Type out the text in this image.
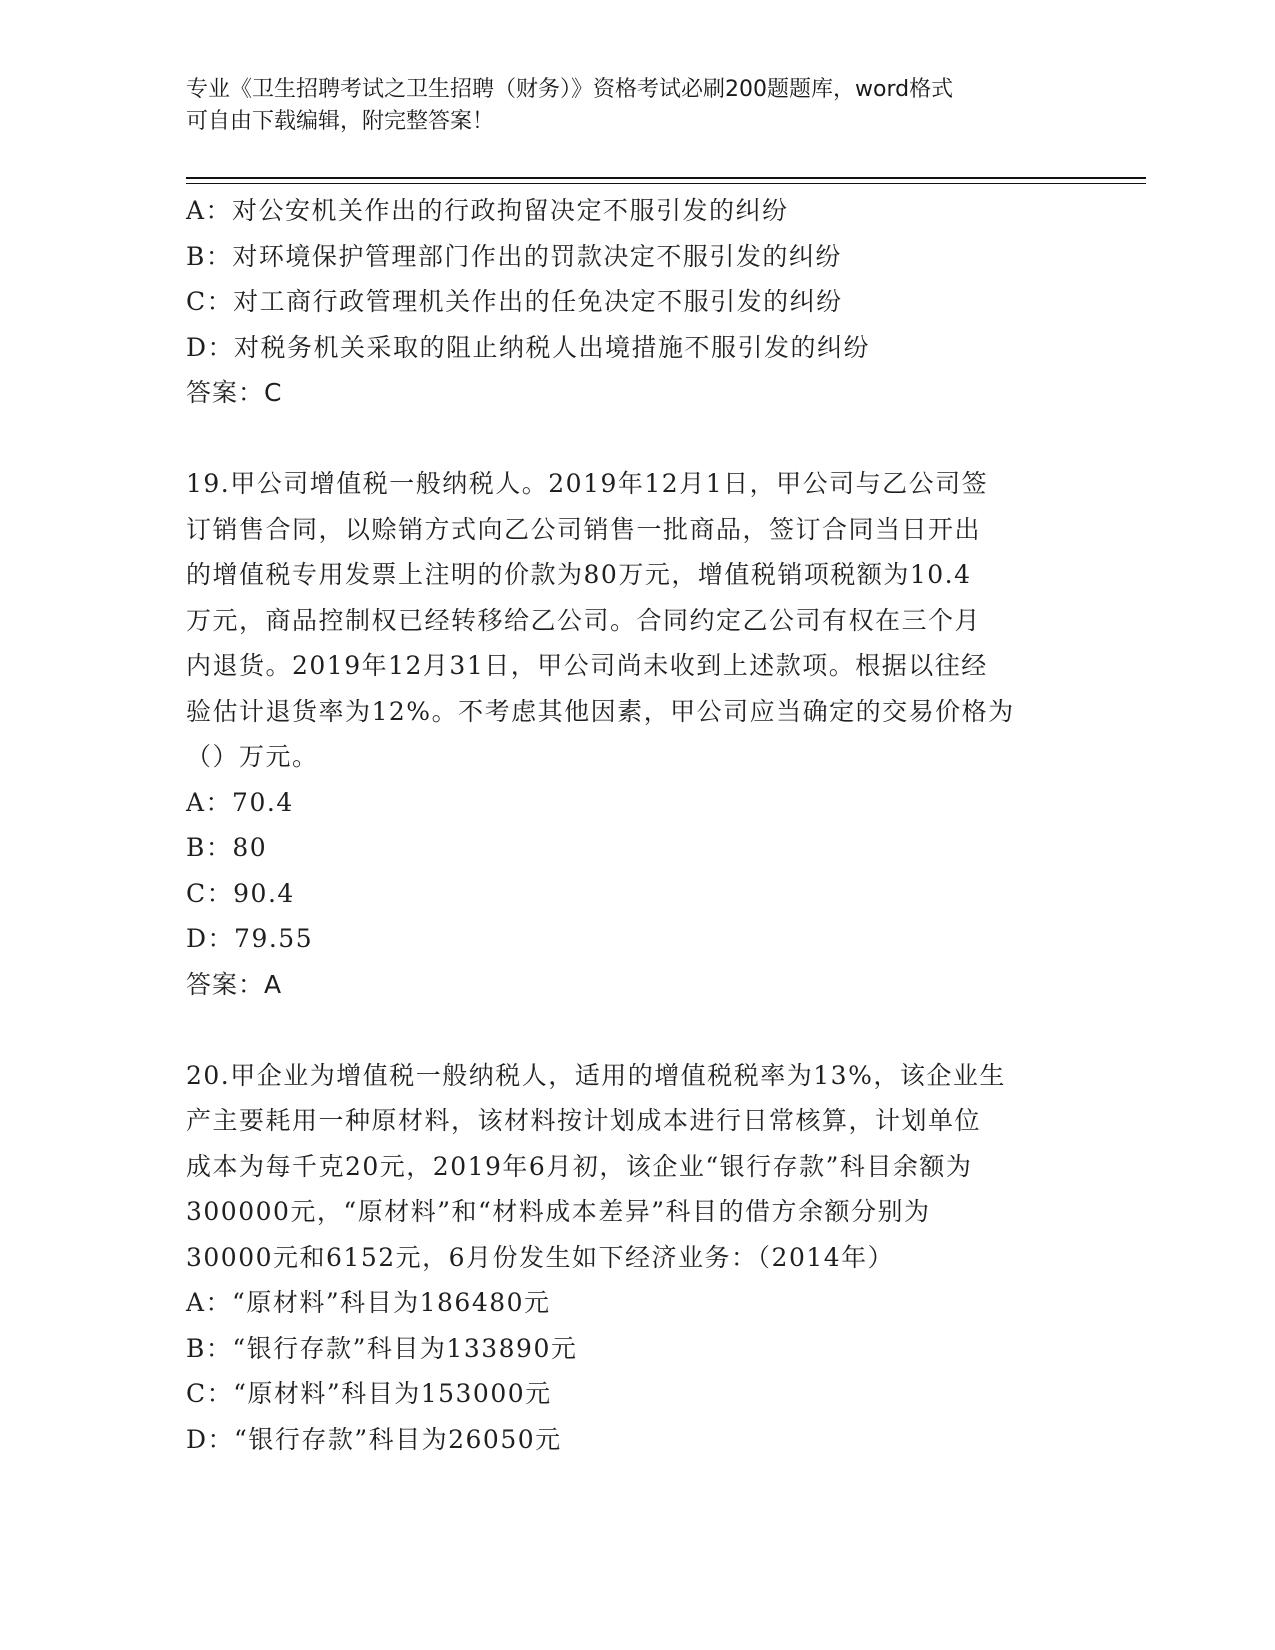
专业《卫生招聘考试之卫生招聘（财务）》资格考试必刷200题题库，word格式
可自由下载编辑，附完整答案！
A：对公安机关作出的行政拘留决定不服引发的纠纷
B：对环境保护管理部门作出的罚款决定不服引发的纠纷
C：对工商行政管理机关作出的任免决定不服引发的纠纷
D：对税务机关采取的阻止纳税人出境措施不服引发的纠纷
答案：C
19.甲公司增值税一般纳税人。2019年12月1日，甲公司与乙公司签
订销售合同，以赊销方式向乙公司销售一批商品，签订合同当日开出
的增值税专用发票上注明的价款为80万元，增值税销项税额为10.4
万元，商品控制权已经转移给乙公司。合同约定乙公司有权在三个月
内退货。2019年12月31日，甲公司尚未收到上述款项。根据以往经
验估计退货率为12%。不考虑其他因素，甲公司应当确定的交易价格为
（）万元。
A：70.4
B：80
C：90.4
D：79.55
答案：A
20.甲企业为增值税一般纳税人，适用的增值税税率为13%，该企业生
产主要耗用一种原材料，该材料按计划成本进行日常核算，计划单位
成本为每千克20元，2019年6月初，该企业“银行存款”科目余额为
300000元，“原材料”和“材料成本差异”科目的借方余额分别为
30000元和6152元，6月份发生如下经济业务：（2014年）
A：“原材料”科目为186480元
B：“银行存款”科目为133890元
C：“原材料”科目为153000元
D：“银行存款”科目为26050元
